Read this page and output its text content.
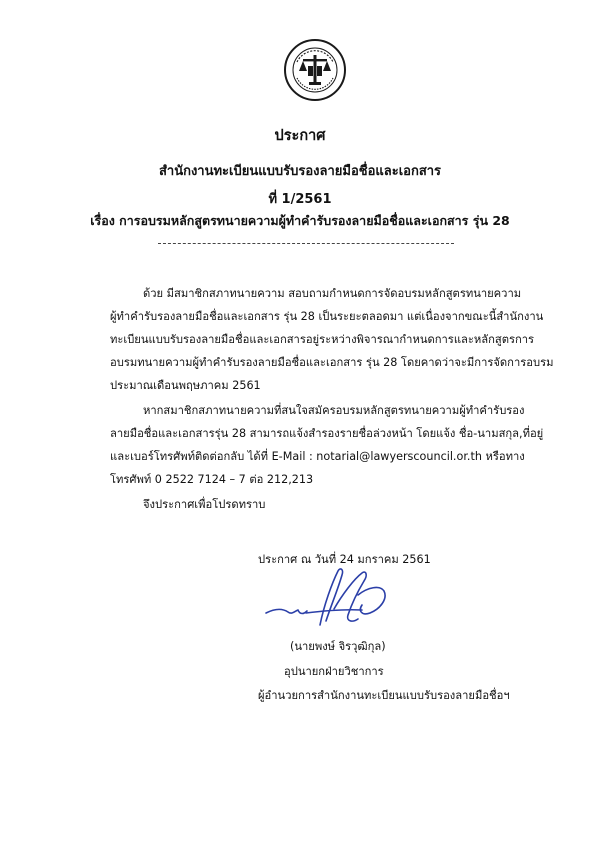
ประกาศ
สำนักงานทะเบียนแบบรับรองลายมือชื่อและเอกสาร
ที่ 1/2561
เรื่อง การอบรมหลักสูตรทนายความผู้ทำคำรับรองลายมือชื่อและเอกสาร รุ่น 28
ด้วย มีสมาชิกสภาทนายความ สอบถามกำหนดการจัดอบรมหลักสูตรทนายความ
ผู้ทำคำรับรองลายมือชื่อและเอกสาร รุ่น 28 เป็นระยะตลอดมา แต่เนื่องจากขณะนี้สำนักงาน
ทะเบียนแบบรับรองลายมือชื่อและเอกสารอยู่ระหว่างพิจารณากำหนดการและหลักสูตรการ
อบรมทนายความผู้ทำคำรับรองลายมือชื่อและเอกสาร รุ่น 28 โดยคาดว่าจะมีการจัดการอบรม
ประมาณเดือนพฤษภาคม 2561
หากสมาชิกสภาทนายความที่สนใจสมัครอบรมหลักสูตรทนายความผู้ทำคำรับรอง
ลายมือชื่อและเอกสารรุ่น 28 สามารถแจ้งสำรองรายชื่อล่วงหน้า โดยแจ้ง ชื่อ-นามสกุล,ที่อยู่
และเบอร์โทรศัพท์ติดต่อกลับ ได้ที่ E-Mail : notarial@lawyerscouncil.or.th หรือทาง
โทรศัพท์ 0 2522 7124 – 7 ต่อ 212,213
จึงประกาศเพื่อโปรดทราบ
ประกาศ ณ วันที่ 24 มกราคม 2561
(นายพงษ์ จิรวุฒิกุล)
อุปนายกฝ่ายวิชาการ
ผู้อำนวยการสำนักงานทะเบียนแบบรับรองลายมือชื่อฯ
